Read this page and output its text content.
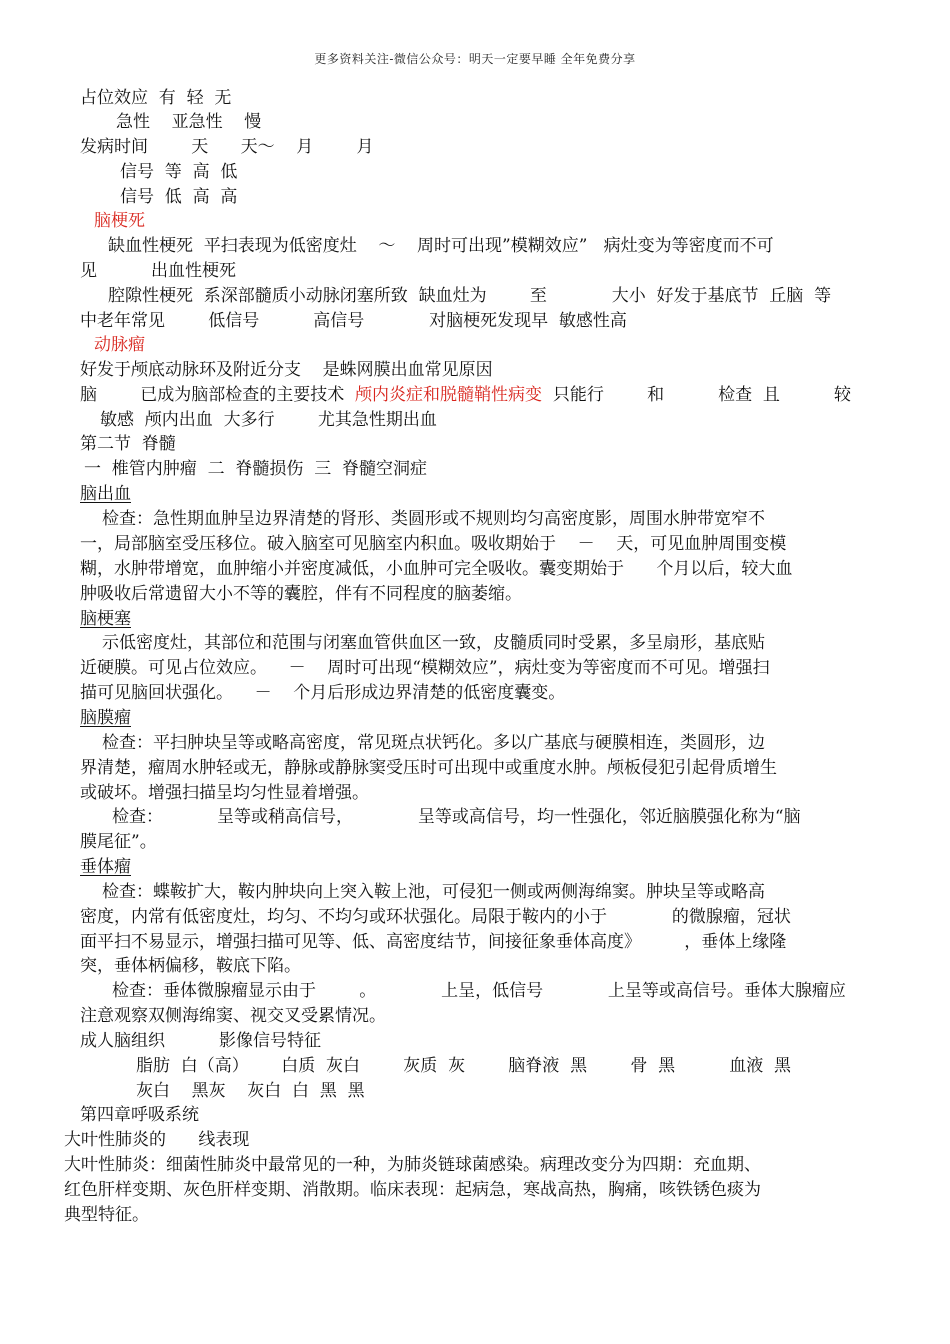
更多资料关注-微信公众号：明天一定要早睡 全年免费分享
占位效应  有  轻  无
急性    亚急性    慢
发病时间        天      天～    月        月
信号  等  高  低
信号  低  高  高
脑梗死
缺血性梗死  平扫表现为低密度灶    ～    周时可出现”模糊效应”   病灶变为等密度而不可
见          出血性梗死
腔隙性梗死  系深部髓质小动脉闭塞所致  缺血灶为        至            大小  好发于基底节  丘脑  等
中老年常见        低信号          高信号            对脑梗死发现早  敏感性高
动脉瘤
好发于颅底动脉环及附近分支    是蛛网膜出血常见原因
脑        已成为脑部检查的主要技术  颅内炎症和脱髓鞘性病变  只能行        和          检查  且          较
敏感  颅内出血  大多行        尤其急性期出血
第二节  脊髓
一  椎管内肿瘤  二  脊髓损伤  三  脊髓空洞症
脑出血
检查：急性期血肿呈边界清楚的肾形、类圆形或不规则均匀高密度影，周围水肿带宽窄不
一，局部脑室受压移位。破入脑室可见脑室内积血。吸收期始于    －    天，可见血肿周围变模
糊，水肿带增宽，血肿缩小并密度减低，小血肿可完全吸收。囊变期始于      个月以后，较大血
肿吸收后常遗留大小不等的囊腔，伴有不同程度的脑萎缩。
脑梗塞
示低密度灶，其部位和范围与闭塞血管供血区一致，皮髓质同时受累，多呈扇形，基底贴
近硬膜。可见占位效应。    －    周时可出现“模糊效应”，病灶变为等密度而不可见。增强扫
描可见脑回状强化。    －    个月后形成边界清楚的低密度囊变。
脑膜瘤
检查：平扫肿块呈等或略高密度，常见斑点状钙化。多以广基底与硬膜相连，类圆形，边
界清楚，瘤周水肿轻或无，静脉或静脉窦受压时可出现中或重度水肿。颅板侵犯引起骨质增生
或破坏。增强扫描呈均匀性显着增强。
检查：          呈等或稍高信号，            呈等或高信号，均一性强化，邻近脑膜强化称为“脑
膜尾征”。
垂体瘤
检查：蝶鞍扩大，鞍内肿块向上突入鞍上池，可侵犯一侧或两侧海绵窦。肿块呈等或略高
密度，内常有低密度灶，均匀、不均匀或环状强化。局限于鞍内的小于            的微腺瘤，冠状
面平扫不易显示，增强扫描可见等、低、高密度结节，间接征象垂体高度》        ，垂体上缘隆
突，垂体柄偏移，鞍底下陷。
检查：垂体微腺瘤显示由于        。            上呈，低信号            上呈等或高信号。垂体大腺瘤应
注意观察双侧海绵窦、视交叉受累情况。
成人脑组织          影像信号特征
脂肪  白（高）      白质  灰白        灰质  灰        脑脊液  黑        骨  黑          血液  黑
灰白    黑灰    灰白  白  黑  黑
第四章呼吸系统
大叶性肺炎的      线表现
大叶性肺炎：细菌性肺炎中最常见的一种，为肺炎链球菌感染。病理改变分为四期：充血期、
红色肝样变期、灰色肝样变期、消散期。临床表现：起病急，寒战高热，胸痛，咳铁锈色痰为
典型特征。
